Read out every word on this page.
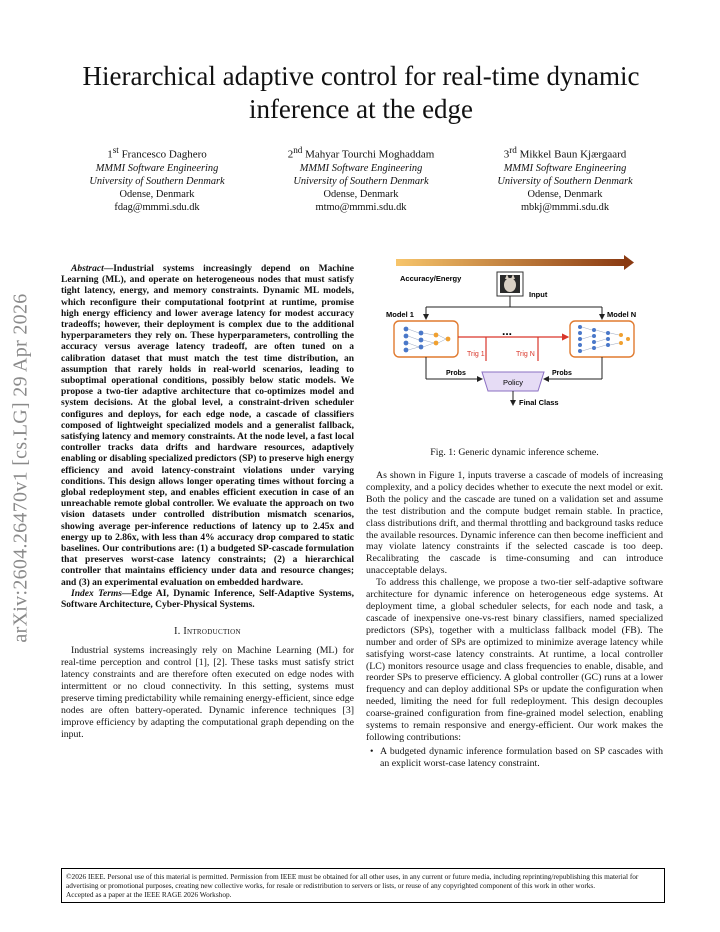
arXiv:2604.26470v1 [cs.LG] 29 Apr 2026
Hierarchical adaptive control for real-time dynamic inference at the edge
1st Francesco Daghero
MMMI Software Engineering
University of Southern Denmark
Odense, Denmark
fdag@mmmi.sdu.dk
2nd Mahyar Tourchi Moghaddam
MMMI Software Engineering
University of Southern Denmark
Odense, Denmark
mtmo@mmmi.sdu.dk
3rd Mikkel Baun Kjærgaard
MMMI Software Engineering
University of Southern Denmark
Odense, Denmark
mbkj@mmmi.sdu.dk

Abstract—Industrial systems increasingly depend on Machine Learning (ML), and operate on heterogeneous nodes that must satisfy tight latency, energy, and memory constraints. Dynamic ML models, which reconfigure their computational footprint at runtime, promise high energy efficiency and lower average latency for modest accuracy tradeoffs; however, their deployment is complex due to the additional hyperparameters they rely on. These hyperparameters, controlling the accuracy versus average latency tradeoff, are often tuned on a calibration dataset that must match the test time distribution, an assumption that rarely holds in real-world scenarios, leading to suboptimal operational conditions, possibly below static models. We propose a two-tier adaptive architecture that co-optimizes model and system decisions. At the global level, a constraint-driven scheduler configures and deploys, for each edge node, a cascade of classifiers composed of lightweight specialized models and a generalist fallback, satisfying latency and memory constraints. At the node level, a fast local controller tracks data drifts and hardware resources, adaptively enabling or disabling specialized predictors (SP) to preserve high energy efficiency and avoid latency-constraint violations under varying conditions. This design allows longer operating times without forcing a global redeployment step, and enables efficient execution in case of an unreachable remote global controller. We evaluate the approach on two vision datasets under controlled distribution mismatch scenarios, showing average per-inference reductions of latency up to 2.45x and energy up to 2.86x, with less than 4% accuracy drop compared to static baselines. Our contributions are: (1) a budgeted SP-cascade formulation that preserves worst-case latency constraints; (2) a hierarchical controller that maintains efficiency under data and resource changes; and (3) an experimental evaluation on embedded hardware.

Index Terms—Edge AI, Dynamic Inference, Self-Adaptive Systems, Software Architecture, Cyber-Physical Systems.

I. Introduction

Industrial systems increasingly rely on Machine Learning (ML) for real-time perception and control [1], [2]. These tasks must satisfy strict latency constraints and are therefore often executed on edge nodes with intermittent or no cloud connectivity. In this setting, systems must preserve timing predictability while remaining energy-efficient, since edge nodes are often battery-operated. Dynamic inference techniques [3] improve efficiency by adapting the computational graph depending on the input.

Accuracy/Energy
Input
Model 1	Model N
...
Trig 1	Trig N
Probs	Probs
Policy
Final Class
Fig. 1: Generic dynamic inference scheme.

As shown in Figure 1, inputs traverse a cascade of models of increasing complexity, and a policy decides whether to execute the next model or exit. Both the policy and the cascade are tuned on a validation set and assume the test distribution and the compute budget remain stable. In practice, class distributions drift, and thermal throttling and background tasks reduce the available resources. Dynamic inference can then become inefficient and may violate latency constraints if the selected cascade is too deep. Recalibrating the cascade is time-consuming and can introduce unacceptable delays.

To address this challenge, we propose a two-tier self-adaptive software architecture for dynamic inference on heterogeneous edge systems. At deployment time, a global scheduler selects, for each node and task, a cascade of inexpensive one-vs-rest binary classifiers, named specialized predictors (SPs), together with a multiclass fallback model (FB). The number and order of SPs are optimized to minimize average latency while satisfying worst-case latency constraints. At runtime, a local controller (LC) monitors resource usage and class frequencies to enable, disable, and reorder SPs to preserve efficiency. A global controller (GC) runs at a lower frequency and can deploy additional SPs or update the configuration when needed, limiting the need for full redeployment. This design decouples coarse-grained configuration from fine-grained model selection, enabling systems to remain responsive and energy-efficient. Our work makes the following contributions:

• A budgeted dynamic inference formulation based on SP cascades with an explicit worst-case latency constraint.
©2026 IEEE. Personal use of this material is permitted. Permission from IEEE must be obtained for all other uses, in any current or future media, including reprinting/republishing this material for advertising or promotional purposes, creating new collective works, for resale or redistribution to servers or lists, or reuse of any copyrighted component of this work in other works.
Accepted as a paper at the IEEE RAGE 2026 Workshop.
